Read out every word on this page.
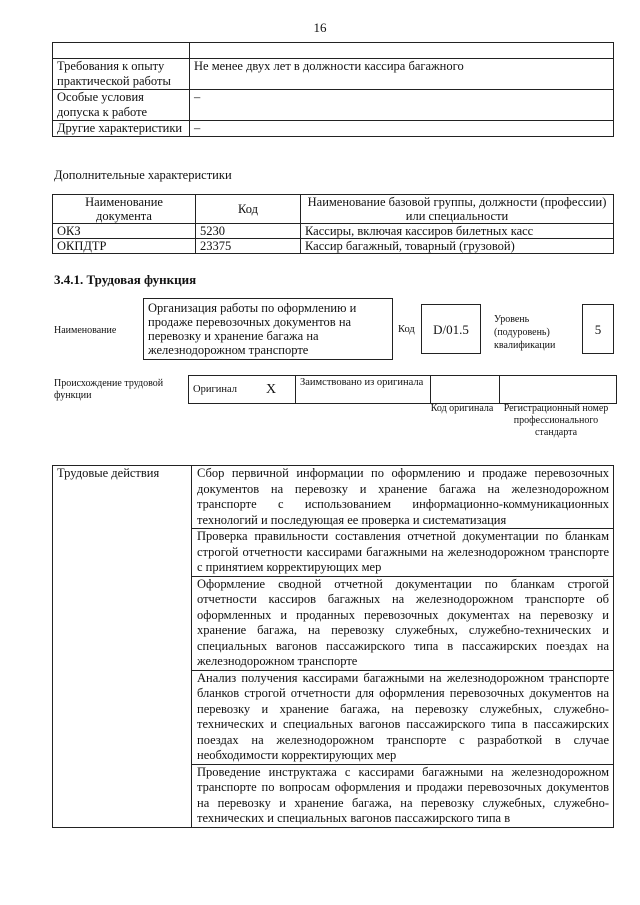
16

Требования к опыту практической работы	Не менее двух лет в должности кассира багажного
Особые условия допуска к работе	–
Другие характеристики	–
Дополнительные характеристики
Наименование документа	Код	Наименование базовой группы, должности (профессии) или специальности
ОКЗ	5230	Кассиры, включая кассиров билетных касс
ОКПДТР	23375	Кассир багажный, товарный (грузовой)
3.4.1. Трудовая функция
Наименование
Организация работы по оформлению и продаже перевозочных документов на перевозку и хранение багажа на железнодорожном транспорте
Код	D/01.5
Уровень (подуровень) квалификации
5
Происхождение трудовой функции
Оригинал	X	Заимствовано из оригинала		
Код оригинала	Регистрационный номер профессионального стандарта
Трудовые действия	Сбор первичной информации по оформлению и продаже перевозочных документов на перевозку и хранение багажа на железнодорожном транспорте с использованием информационно-коммуникационных технологий и последующая ее проверка и систематизация
Проверка правильности составления отчетной документации по бланкам строгой отчетности кассирами багажными на железнодорожном транспорте с принятием корректирующих мер
Оформление сводной отчетной документации по бланкам строгой отчетности кассиров багажных на железнодорожном транспорте об оформленных и проданных перевозочных документах на перевозку и хранение багажа, на перевозку служебных, служебно-технических и специальных вагонов пассажирского типа в пассажирских поездах на железнодорожном транспорте
Анализ получения кассирами багажными на железнодорожном транспорте бланков строгой отчетности для оформления перевозочных документов на перевозку и хранение багажа, на перевозку служебных, служебно-технических и специальных вагонов пассажирского типа в пассажирских поездах на железнодорожном транспорте с разработкой в случае необходимости корректирующих мер
Проведение инструктажа с кассирами багажными на железнодорожном транспорте по вопросам оформления и продажи перевозочных документов на перевозку и хранение багажа, на перевозку служебных, служебно-технических и специальных вагонов пассажирского типа в
